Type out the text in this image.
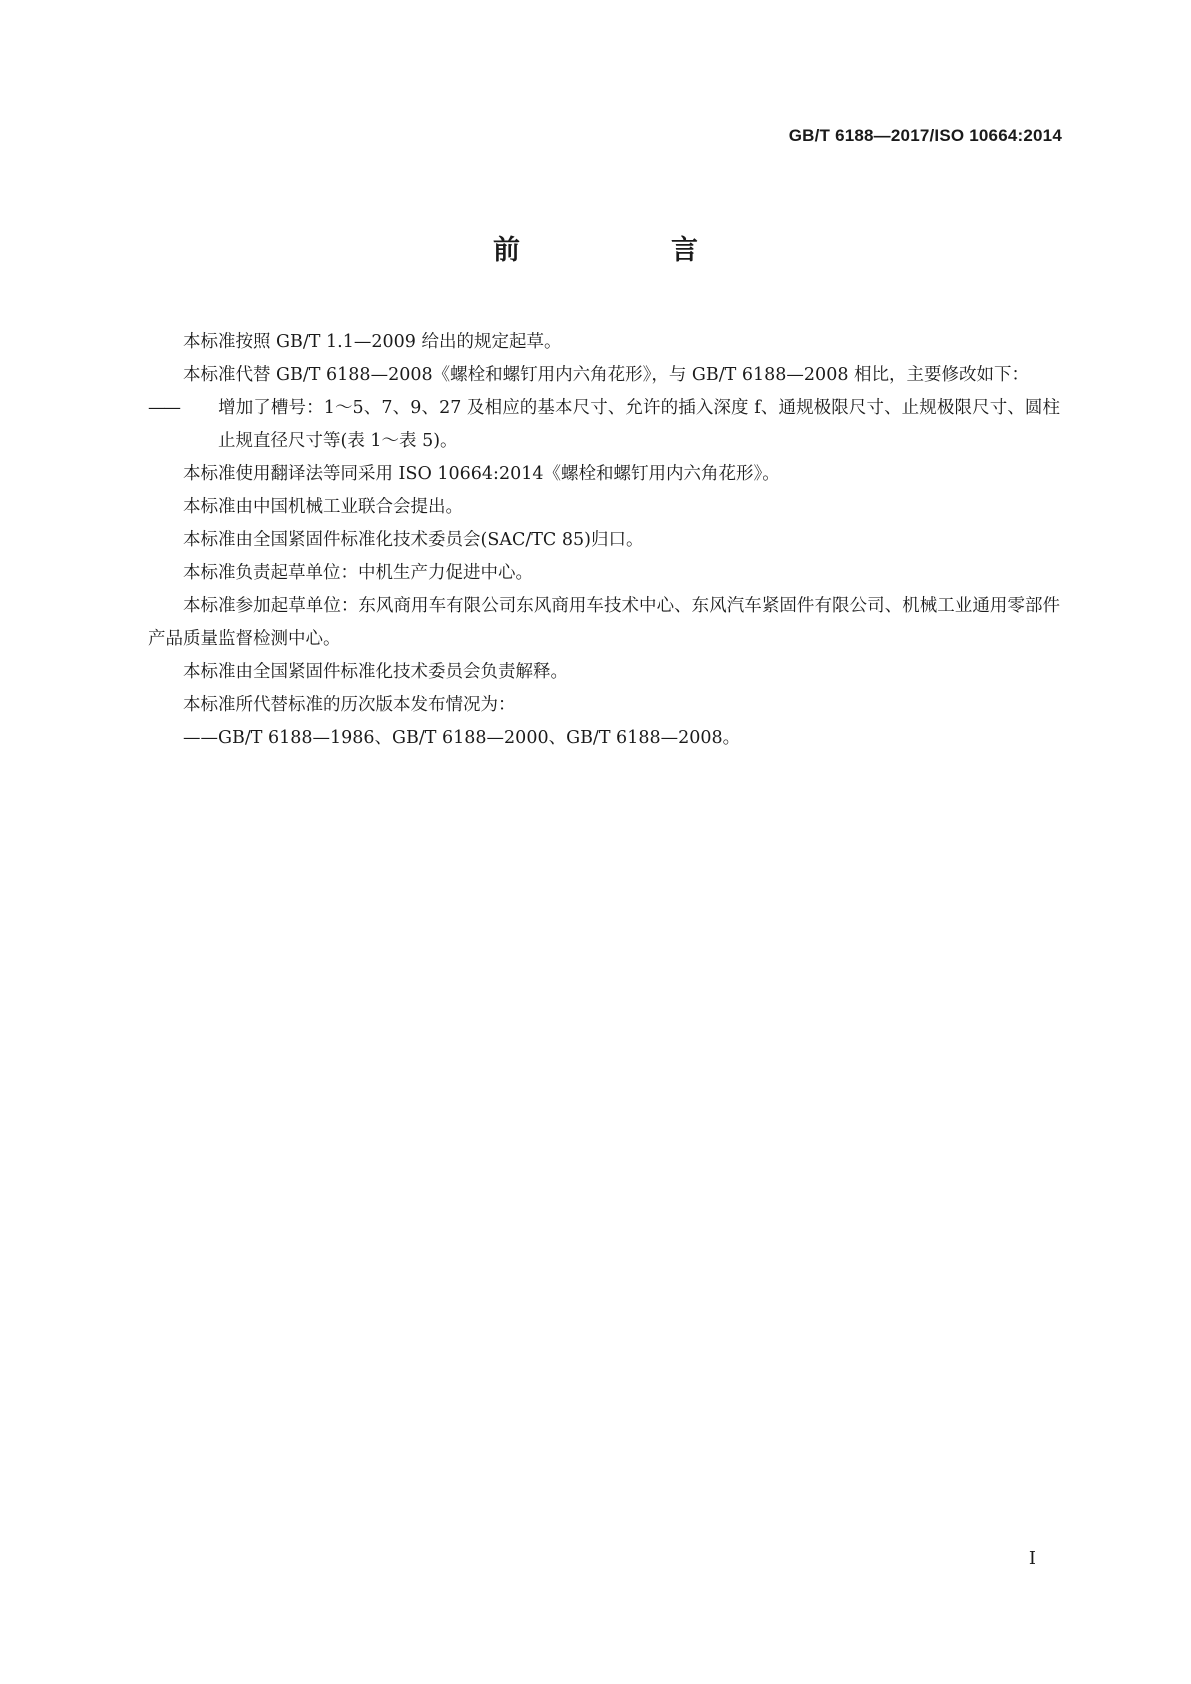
GB/T 6188—2017/ISO 10664:2014
前　言

本标准按照 GB/T 1.1—2009 给出的规定起草。

本标准代替 GB/T 6188—2008《螺栓和螺钉用内六角花形》，与 GB/T 6188—2008 相比，主要修改如下：

—— 增加了槽号：1～5、7、9、27 及相应的基本尺寸、允许的插入深度 f、通规极限尺寸、止规极限尺寸、圆柱止规直径尺寸等(表 1～表 5)。

本标准使用翻译法等同采用 ISO 10664:2014《螺栓和螺钉用内六角花形》。

本标准由中国机械工业联合会提出。

本标准由全国紧固件标准化技术委员会(SAC/TC 85)归口。

本标准负责起草单位：中机生产力促进中心。

本标准参加起草单位：东风商用车有限公司东风商用车技术中心、东风汽车紧固件有限公司、机械工业通用零部件产品质量监督检测中心。

本标准由全国紧固件标准化技术委员会负责解释。

本标准所代替标准的历次版本发布情况为：

——GB/T 6188—1986、GB/T 6188—2000、GB/T 6188—2008。

I
